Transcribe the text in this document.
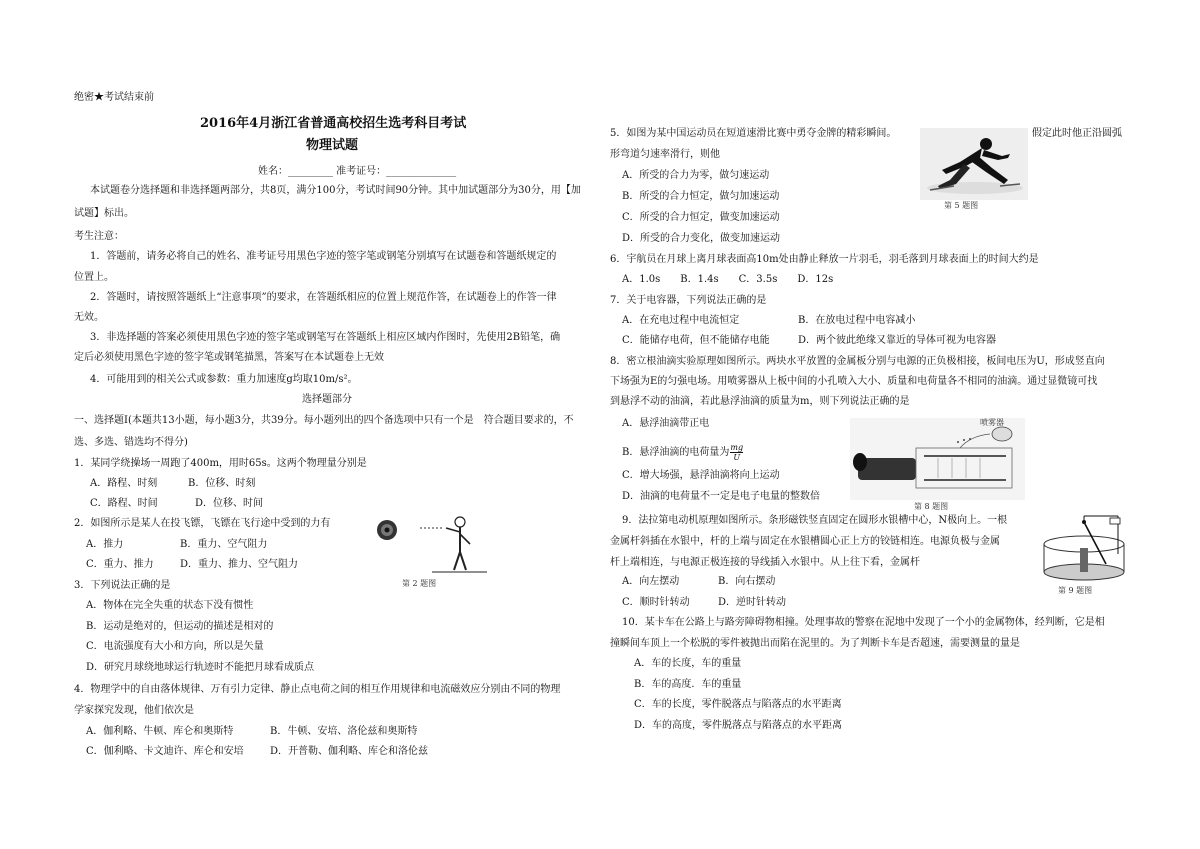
绝密★考试结束前
2016年4月浙江省普通高校招生选考科目考试
物理试题
姓名：_________ 准考证号：______________
本试题卷分选择题和非选择题两部分，共8页，满分100分，考试时间90分钟。其中加试题部分为30分，用【加
试题】标出。
考生注意：
1．答题前，请务必将自己的姓名、准考证号用黑色字迹的签字笔或钢笔分别填写在试题卷和答题纸规定的
位置上。
2．答题时，请按照答题纸上“注意事项”的要求，在答题纸相应的位置上规范作答，在试题卷上的作答一律
无效。
3．非选择题的答案必须使用黑色字迹的签字笔或钢笔写在答题纸上相应区域内作图时，先使用2B铅笔，确
定后必须使用黑色字迹的签字笔或钢笔描黑，答案写在本试题卷上无效
4．可能用到的相关公式或参数：重力加速度g均取10m/s²。
选择题部分
一、选择题I(本题共13小题，每小题3分，共39分。每小题列出的四个备选项中只有一个是　符合题目要求的，不
选、多选、错选均不得分)
1．某同学绕操场一周跑了400m，用时65s。这两个物理量分别是
A．路程、时刻	B．位移、时刻
C．路程、时间	D．位移、时间
2．如图所示是某人在投飞镖，飞镖在飞行途中受到的力有
A．推力	B．重力、空气阻力
C．重力、推力	D．重力、推力、空气阻力
第 2 题图
3．下列说法正确的是
A．物体在完全失重的状态下没有惯性
B．运动是绝对的，但运动的描述是相对的
C．电流强度有大小和方向，所以是矢量
D．研究月球绕地球运行轨迹时不能把月球看成质点
4．物理学中的自由落体规律、万有引力定律、静止点电荷之间的相互作用规律和电流磁效应分别由不同的物理
学家探究发现，他们依次是
A．伽利略、牛顿、库仑和奥斯特	B．牛顿、安培、洛伦兹和奥斯特
C．伽利略、卡文迪许、库仑和安培	D．开普勒、伽利略、库仑和洛伦兹
5．如图为某中国运动员在短道速滑比赛中勇夺金牌的精彩瞬间。	假定此时他正沿圆弧
形弯道匀速率滑行，则他
A．所受的合力为零，做匀速运动
B．所受的合力恒定，做匀加速运动
C．所受的合力恒定，做变加速运动
D．所受的合力变化，做变加速运动
第 5 题图
6．宇航员在月球上离月球表面高10m处由静止释放一片羽毛，羽毛落到月球表面上的时间大约是
A．1.0s　　B．1.4s　　C．3.5s　　D．12s
7．关于电容器，下列说法正确的是
A．在充电过程中电流恒定	B．在放电过程中电容减小
C．能储存电荷，但不能储存电能	D．两个彼此绝缘又靠近的导体可视为电容器
8．密立根油滴实验原理如图所示。两块水平放置的金属板分别与电源的正负极相接，板间电压为U，形成竖直向
下场强为E的匀强电场。用喷雾器从上板中间的小孔喷入大小、质量和电荷量各不相同的油滴。通过显微镜可找
到悬浮不动的油滴，若此悬浮油滴的质量为m，则下列说法正确的是
A．悬浮油滴带正电
B．悬浮油滴的电荷量为 $\frac{mg}{U}$
C．增大场强，悬浮油滴将向上运动
D．油滴的电荷量不一定是电子电量的整数倍
喷雾器
第 8 题图
9．法拉第电动机原理如图所示。条形磁铁竖直固定在圆形水银槽中心，N极向上。一根
金属杆斜插在水银中，杆的上端与固定在水银槽圆心正上方的铰链相连。电源负极与金属
杆上端相连，与电源正极连接的导线插入水银中。从上往下看，金属杆
A．向左摆动	B．向右摆动
C．顺时针转动	D．逆时针转动
第 9 题图
10．某卡车在公路上与路旁障碍物相撞。处理事故的警察在泥地中发现了一个小的金属物体，经判断，它是相
撞瞬间车顶上一个松脱的零件被抛出而陷在泥里的。为了判断卡车是否超速，需要测量的量是
A．车的长度，车的重量
B．车的高度．车的重量
C．车的长度，零件脱落点与陷落点的水平距离
D．车的高度，零件脱落点与陷落点的水平距离
